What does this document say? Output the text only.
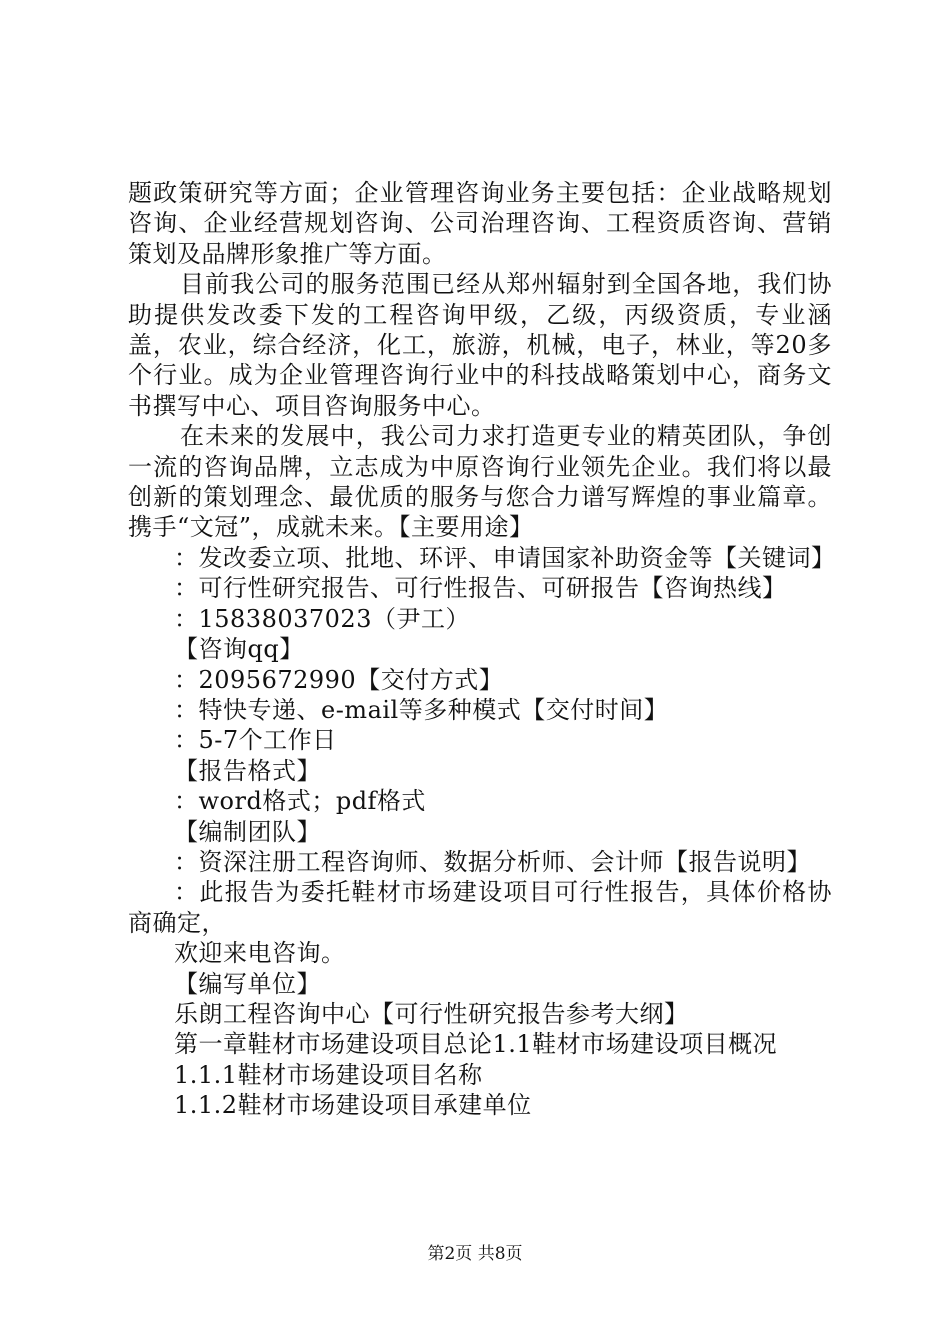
题政策研究等方面；企业管理咨询业务主要包括：企业战略规划咨询、企业经营规划咨询、公司治理咨询、工程资质咨询、营销策划及品牌形象推广等方面。

目前我公司的服务范围已经从郑州辐射到全国各地，我们协助提供发改委下发的工程咨询甲级，乙级，丙级资质，专业涵盖，农业，综合经济，化工，旅游，机械，电子，林业，等20多个行业。成为企业管理咨询行业中的科技战略策划中心，商务文书撰写中心、项目咨询服务中心。

在未来的发展中，我公司力求打造更专业的精英团队，争创一流的咨询品牌，立志成为中原咨询行业领先企业。我们将以最创新的策划理念、最优质的服务与您合力谱写辉煌的事业篇章。携手“文冠”，成就未来。【主要用途】

：发改委立项、批地、环评、申请国家补助资金等【关键词】

：可行性研究报告、可行性报告、可研报告【咨询热线】

：15838037023（尹工）

【咨询qq】

：2095672990【交付方式】

：特快专递、e-mail等多种模式【交付时间】

：5-7个工作日

【报告格式】

：word格式；pdf格式

【编制团队】

：资深注册工程咨询师、数据分析师、会计师【报告说明】

：此报告为委托鞋材市场建设项目可行性报告，具体价格协商确定，

欢迎来电咨询。

【编写单位】

乐朗工程咨询中心【可行性研究报告参考大纲】

第一章鞋材市场建设项目总论1.1鞋材市场建设项目概况

1.1.1鞋材市场建设项目名称

1.1.2鞋材市场建设项目承建单位

第2页 共8页
